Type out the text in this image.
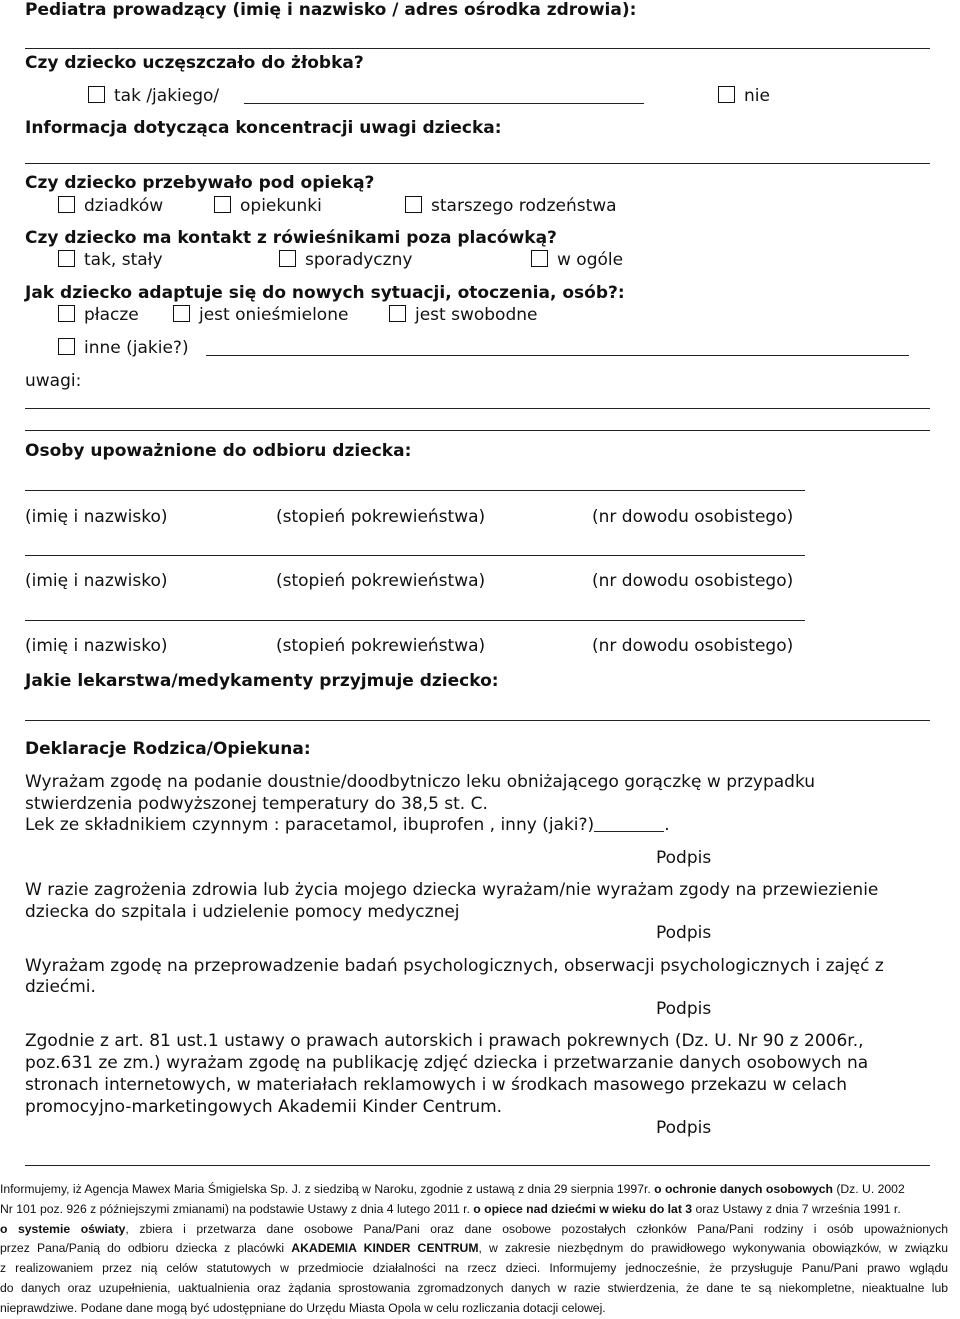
Pediatra prowadzący (imię i nazwisko / adres ośrodka zdrowia):
Czy dziecko uczęszczało do żłobka?
tak /jakiego/	nie
Informacja dotycząca koncentracji uwagi dziecka:
Czy dziecko przebywało pod opieką?
dziadków	opiekunki	starszego rodzeństwa
Czy dziecko ma kontakt z rówieśnikami poza placówką?
tak, stały	sporadyczny	w ogóle
Jak dziecko adaptuje się do nowych sytuacji, otoczenia, osób?:
płacze	jest onieśmielone	jest swobodne
inne (jakie?)
uwagi:
Osoby upoważnione do odbioru dziecka:
(imię i nazwisko)	(stopień pokrewieństwa)	(nr dowodu osobistego)
(imię i nazwisko)	(stopień pokrewieństwa)	(nr dowodu osobistego)
(imię i nazwisko)	(stopień pokrewieństwa)	(nr dowodu osobistego)
Jakie lekarstwa/medykamenty przyjmuje dziecko:
Deklaracje Rodzica/Opiekuna:
Wyrażam zgodę na podanie doustnie/doodbytniczo leku obniżającego gorączkę w przypadku
stwierdzenia podwyższonej temperatury do 38,5 st. C.
Lek ze składnikiem czynnym : paracetamol, ibuprofen , inny (jaki?)	.
Podpis
W razie zagrożenia zdrowia lub życia mojego dziecka wyrażam/nie wyrażam zgody na przewiezienie
dziecka do szpitala i udzielenie pomocy medycznej
Podpis
Wyrażam zgodę na przeprowadzenie badań psychologicznych, obserwacji psychologicznych i zajęć z
dziećmi.
Podpis
Zgodnie z art. 81 ust.1 ustawy o prawach autorskich i prawach pokrewnych (Dz. U. Nr 90 z 2006r.,
poz.631 ze zm.) wyrażam zgodę na publikację zdjęć dziecka i przetwarzanie danych osobowych na
stronach internetowych, w materiałach reklamowych i w środkach masowego przekazu w celach
promocyjno-marketingowych Akademii Kinder Centrum.
Podpis
Informujemy, iż Agencja Mawex Maria Śmigielska Sp. J. z siedzibą w Naroku, zgodnie z ustawą z dnia 29 sierpnia 1997r. o ochronie danych osobowych (Dz. U. 2002
Nr 101 poz. 926 z późniejszymi zmianami) na podstawie Ustawy z dnia 4 lutego 2011 r. o opiece nad dziećmi w wieku do lat 3 oraz Ustawy z dnia 7 września 1991 r.
o systemie oświaty, zbiera i przetwarza dane osobowe Pana/Pani oraz dane osobowe pozostałych członków Pana/Pani rodziny i osób upoważnionych
przez Pana/Panią do odbioru dziecka z placówki AKADEMIA KINDER CENTRUM, w zakresie niezbędnym do prawidłowego wykonywania obowiązków, w związku
z realizowaniem przez nią celów statutowych w przedmiocie działalności na rzecz dzieci. Informujemy jednocześnie, że przysługuje Panu/Pani prawo wglądu
do danych oraz uzupełnienia, uaktualnienia oraz żądania sprostowania zgromadzonych danych w razie stwierdzenia, że dane te są niekompletne, nieaktualne lub
nieprawdziwe. Podane dane mogą być udostępniane do Urzędu Miasta Opola w celu rozliczania dotacji celowej.
